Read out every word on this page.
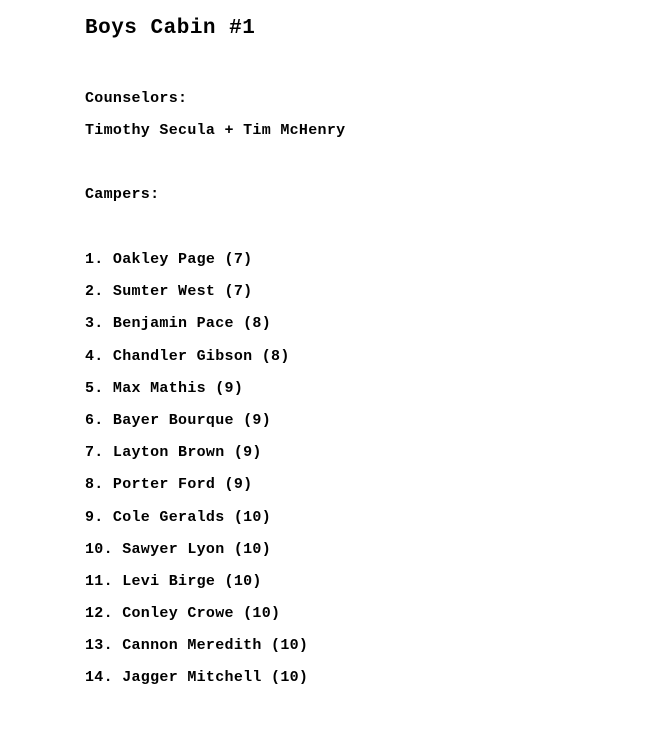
Boys Cabin #1
Counselors:
Timothy Secula + Tim McHenry
Campers:
1. Oakley Page (7)
2. Sumter West (7)
3. Benjamin Pace (8)
4. Chandler Gibson (8)
5. Max Mathis (9)
6. Bayer Bourque (9)
7. Layton Brown (9)
8. Porter Ford (9)
9. Cole Geralds (10)
10. Sawyer Lyon (10)
11. Levi Birge (10)
12. Conley Crowe (10)
13. Cannon Meredith (10)
14. Jagger Mitchell (10)
